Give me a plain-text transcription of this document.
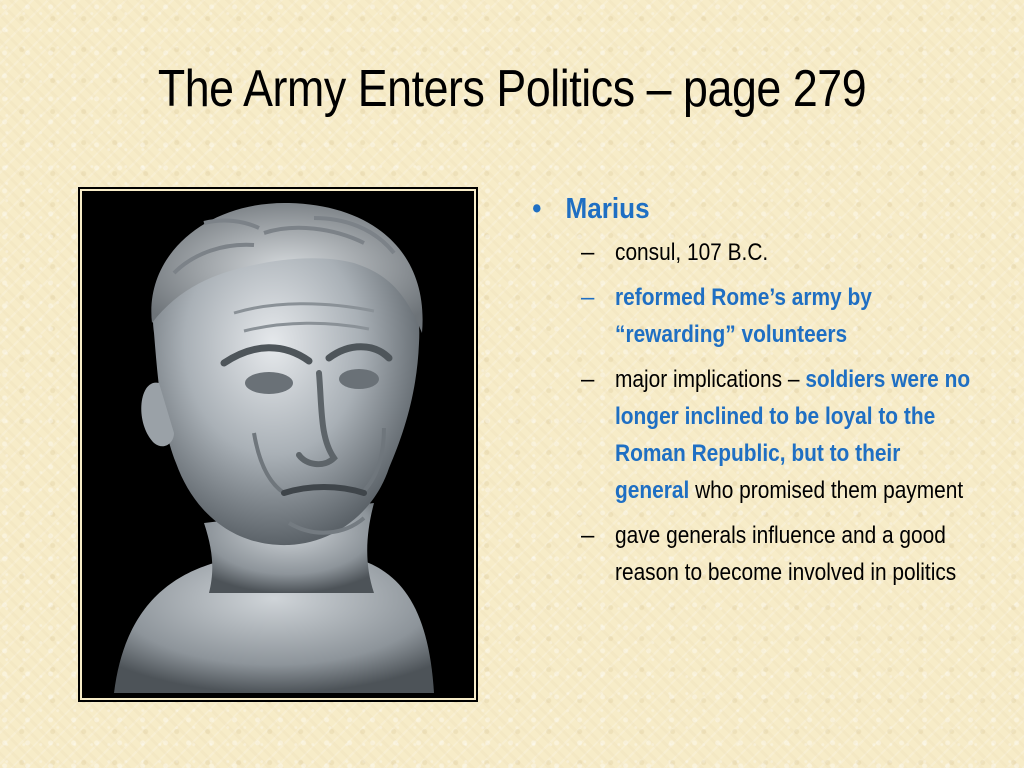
The Army Enters Politics – page 279
• Marius
– consul, 107 B.C.
– reformed Rome’s army by “rewarding” volunteers
– major implications – soldiers were no longer inclined to be loyal to the Roman Republic, but to their general who promised them payment
– gave generals influence and a good reason to become involved in politics
